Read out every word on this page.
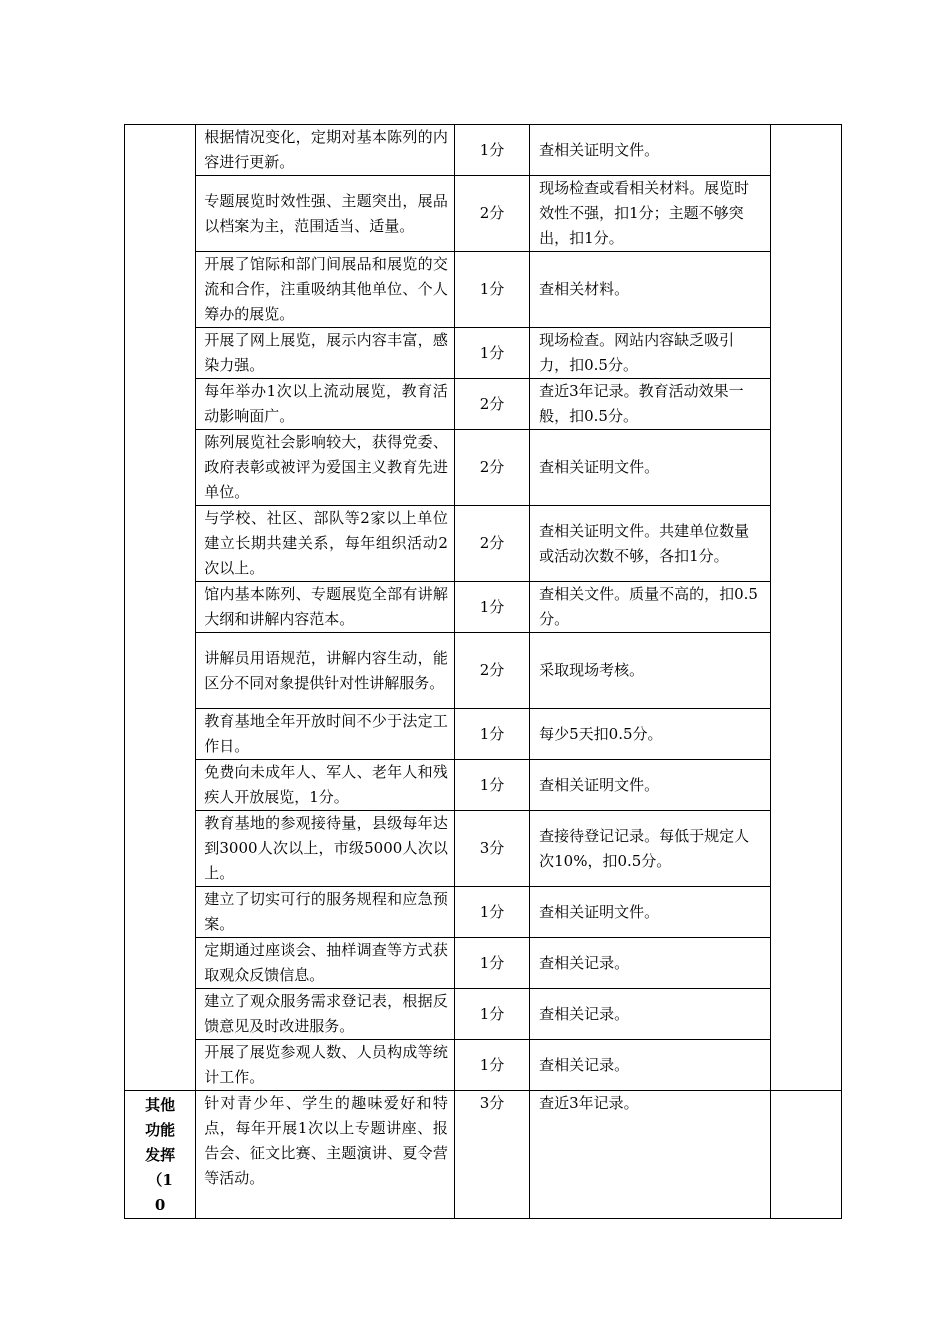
	根据情况变化，定期对基本陈列的内容进行更新。	1分	查相关证明文件。	
	专题展览时效性强、主题突出，展品以档案为主，范围适当、适量。	2分	现场检查或看相关材料。展览时效性不强，扣1分；主题不够突出，扣1分。	
	开展了馆际和部门间展品和展览的交流和合作，注重吸纳其他单位、个人筹办的展览。	1分	查相关材料。	
	开展了网上展览，展示内容丰富，感染力强。	1分	现场检查。网站内容缺乏吸引力，扣0.5分。	
	每年举办1次以上流动展览，教育活动影响面广。	2分	查近3年记录。教育活动效果一般，扣0.5分。	
	陈列展览社会影响较大，获得党委、政府表彰或被评为爱国主义教育先进单位。	2分	查相关证明文件。	
	与学校、社区、部队等2家以上单位建立长期共建关系，每年组织活动2次以上。	2分	查相关证明文件。共建单位数量或活动次数不够，各扣1分。	
	馆内基本陈列、专题展览全部有讲解大纲和讲解内容范本。	1分	查相关文件。质量不高的，扣0.5分。	
	讲解员用语规范，讲解内容生动，能区分不同对象提供针对性讲解服务。	2分	采取现场考核。	
	教育基地全年开放时间不少于法定工作日。	1分	每少5天扣0.5分。	
	免费向未成年人、军人、老年人和残疾人开放展览，1分。	1分	查相关证明文件。	
	教育基地的参观接待量，县级每年达到3000人次以上，市级5000人次以上。	3分	查接待登记记录。每低于规定人次10%，扣0.5分。	
	建立了切实可行的服务规程和应急预案。	1分	查相关证明文件。	
	定期通过座谈会、抽样调查等方式获取观众反馈信息。	1分	查相关记录。	
	建立了观众服务需求登记表，根据反馈意见及时改进服务。	1分	查相关记录。	
	开展了展览参观人数、人员构成等统计工作。	1分	查相关记录。	

其他功能发挥（10	针对青少年、学生的趣味爱好和特点，每年开展1次以上专题讲座、报告会、征文比赛、主题演讲、夏令营等活动。	3分	查近3年记录。	
